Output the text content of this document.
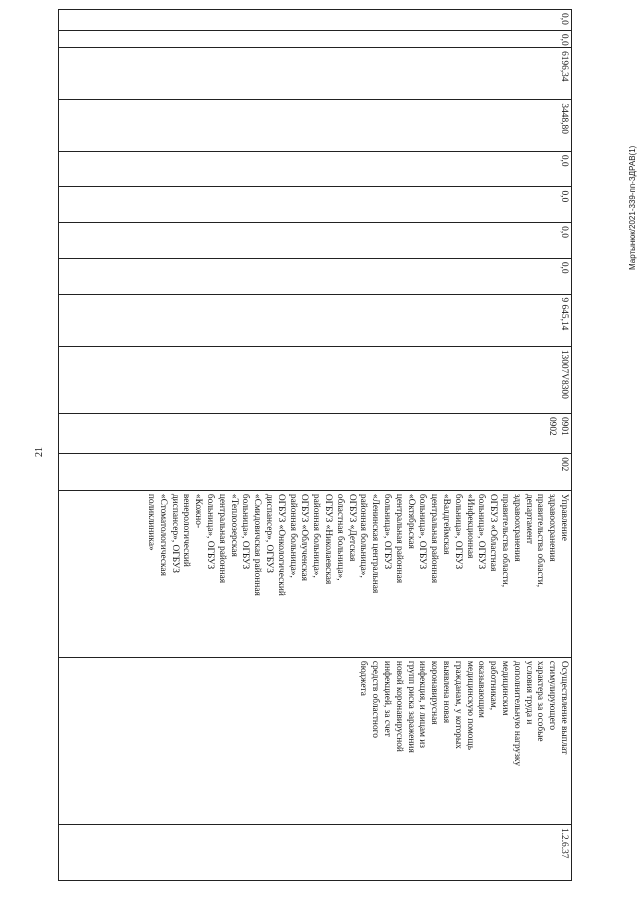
21
Мартынюк/2021-339-пп-ЗДРАВ(1)
1.2.6.37
Осуществление выплат
стимулирующего
характера за особые
условия труда и
дополнительную нагрузку
медицинским
работникам,
оказывающим
медицинскую помощь
гражданам, у которых
выявлена новая
коронавирусная
инфекция, и лицам из
групп риска заражения
новой коронавирусной
инфекцией, за счет
средств областного
бюджета
Управление
здравоохранения
правительства области,
департамент
здравоохранения
правительства области,
ОГБУЗ «Областная
больница», ОГБУЗ
«Инфекционная
больница», ОГБУЗ
«Валдгеймская
центральная районная
больница», ОГБУЗ
«Октябрьская
центральная районная
больница», ОГБУЗ
«Ленинская центральная
районная больница»,
ОГБУЗ «Детская
областная больница»,
ОГБУЗ «Николаевская
районная больница»,
ОГБУЗ «Облученская
районная больница»,
ОГБУЗ «Онкологический
диспансер», ОГБУЗ
«Смидовичская районная
больница», ОГБУЗ
«Теплоозерская
центральная районная
больница», ОГБУЗ
«Кожно-
венерологический
диспансер», ОГБУЗ
«Стоматологическая
поликлиника»
002
0901
0902
13007V8300
9 645,14
0,0
0,0
0,0
0,0
3448,80
6196,34
0,0
0,0
